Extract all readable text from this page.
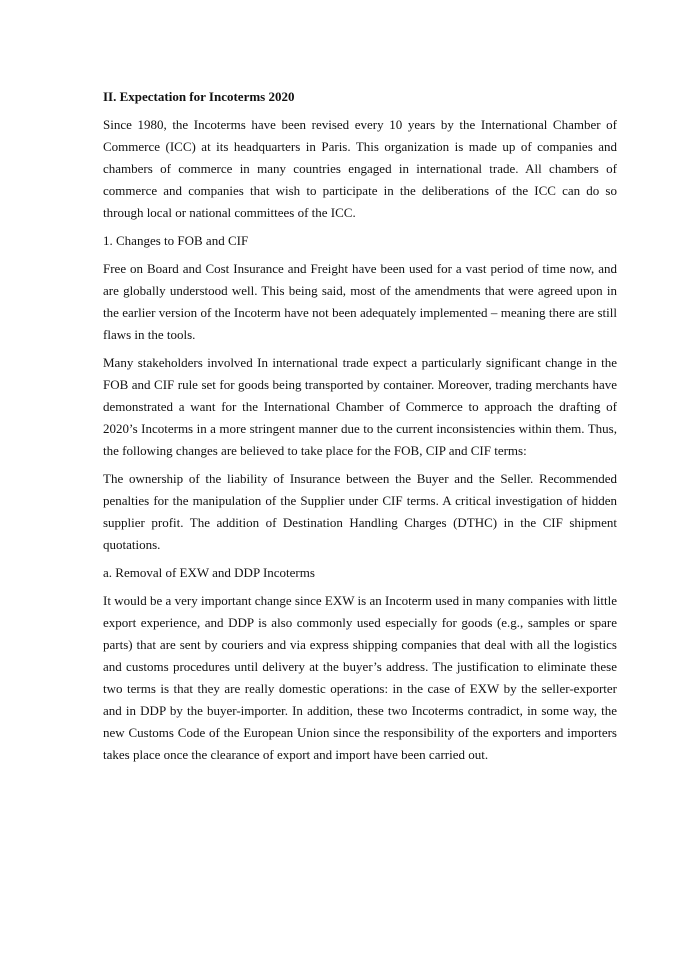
II. Expectation for Incoterms 2020

Since 1980, the Incoterms have been revised every 10 years by the International Chamber of Commerce (ICC) at its headquarters in Paris. This organization is made up of companies and chambers of commerce in many countries engaged in international trade. All chambers of commerce and companies that wish to participate in the deliberations of the ICC can do so through local or national committees of the ICC.

1. Changes to FOB and CIF

Free on Board and Cost Insurance and Freight have been used for a vast period of time now, and are globally understood well. This being said, most of the amendments that were agreed upon in the earlier version of the Incoterm have not been adequately implemented – meaning there are still flaws in the tools.

Many stakeholders involved In international trade expect a particularly significant change in the FOB and CIF rule set for goods being transported by container. Moreover, trading merchants have demonstrated a want for the International Chamber of Commerce to approach the drafting of 2020’s Incoterms in a more stringent manner due to the current inconsistencies within them. Thus, the following changes are believed to take place for the FOB, CIP and CIF terms:

The ownership of the liability of Insurance between the Buyer and the Seller. Recommended penalties for the manipulation of the Supplier under CIF terms. A critical investigation of hidden supplier profit. The addition of Destination Handling Charges (DTHC) in the CIF shipment quotations.

a. Removal of EXW and DDP Incoterms

It would be a very important change since EXW is an Incoterm used in many companies with little export experience, and DDP is also commonly used especially for goods (e.g., samples or spare parts) that are sent by couriers and via express shipping companies that deal with all the logistics and customs procedures until delivery at the buyer’s address. The justification to eliminate these two terms is that they are really domestic operations: in the case of EXW by the seller-exporter and in DDP by the buyer-importer. In addition, these two Incoterms contradict, in some way, the new Customs Code of the European Union since the responsibility of the exporters and importers takes place once the clearance of export and import have been carried out.
